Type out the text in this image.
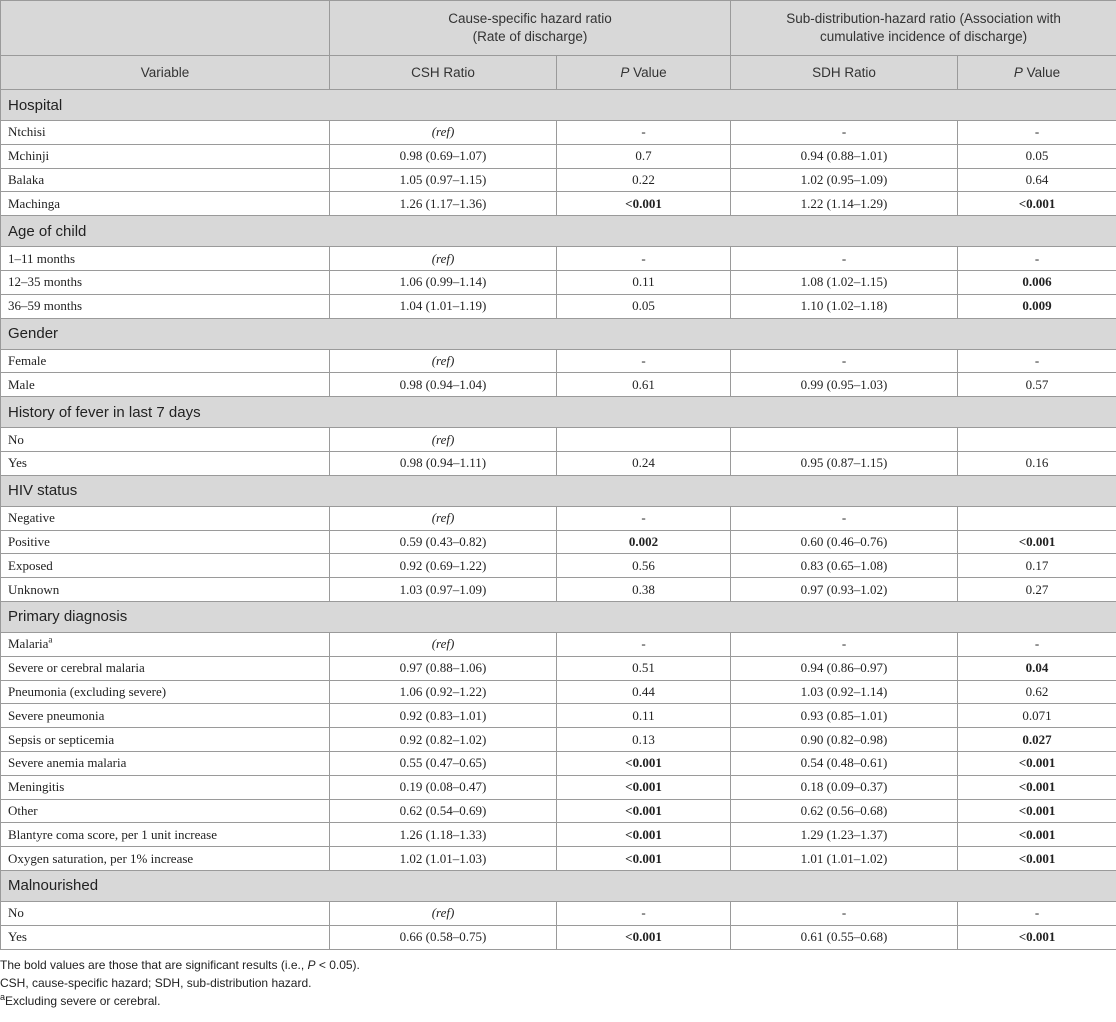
	Cause-specific hazard ratio
(Rate of discharge)		Sub-distribution-hazard ratio (Association with
cumulative incidence of discharge)	
Variable	CSH Ratio	P Value	SDH Ratio	P Value
Hospital				
Ntchisi	(ref)	-	-	-
Mchinji	0.98 (0.69–1.07)	0.7	0.94 (0.88–1.01)	0.05
Balaka	1.05 (0.97–1.15)	0.22	1.02 (0.95–1.09)	0.64
Machinga	1.26 (1.17–1.36)	<0.001	1.22 (1.14–1.29)	<0.001
Age of child				
1–11 months	(ref)	-	-	-
12–35 months	1.06 (0.99–1.14)	0.11	1.08 (1.02–1.15)	0.006
36–59 months	1.04 (1.01–1.19)	0.05	1.10 (1.02–1.18)	0.009
Gender				
Female	(ref)	-	-	-
Male	0.98 (0.94–1.04)	0.61	0.99 (0.95–1.03)	0.57
History of fever in last 7 days				
No	(ref)			
Yes	0.98 (0.94–1.11)	0.24	0.95 (0.87–1.15)	0.16
HIV status				
Negative	(ref)	-	-	
Positive	0.59 (0.43–0.82)	0.002	0.60 (0.46–0.76)	<0.001
Exposed	0.92 (0.69–1.22)	0.56	0.83 (0.65–1.08)	0.17
Unknown	1.03 (0.97–1.09)	0.38	0.97 (0.93–1.02)	0.27
Primary diagnosis				
Malaria$^a$	(ref)	-	-	-
Severe or cerebral malaria	0.97 (0.88–1.06)	0.51	0.94 (0.86–0.97)	0.04
Pneumonia (excluding severe)	1.06 (0.92–1.22)	0.44	1.03 (0.92–1.14)	0.62
Severe pneumonia	0.92 (0.83–1.01)	0.11	0.93 (0.85–1.01)	0.071
Sepsis or septicemia	0.92 (0.82–1.02)	0.13	0.90 (0.82–0.98)	0.027
Severe anemia malaria	0.55 (0.47–0.65)	<0.001	0.54 (0.48–0.61)	<0.001
Meningitis	0.19 (0.08–0.47)	<0.001	0.18 (0.09–0.37)	<0.001
Other	0.62 (0.54–0.69)	<0.001	0.62 (0.56–0.68)	<0.001
Blantyre coma score, per 1 unit increase	1.26 (1.18–1.33)	<0.001	1.29 (1.23–1.37)	<0.001
Oxygen saturation, per 1% increase	1.02 (1.01–1.03)	<0.001	1.01 (1.01–1.02)	<0.001
Malnourished				
No	(ref)	-	-	-
Yes	0.66 (0.58–0.75)	<0.001	0.61 (0.55–0.68)	<0.001
The bold values are those that are significant results (i.e., P < 0.05).
CSH, cause-specific hazard; SDH, sub-distribution hazard.
$^a$Excluding severe or cerebral.
